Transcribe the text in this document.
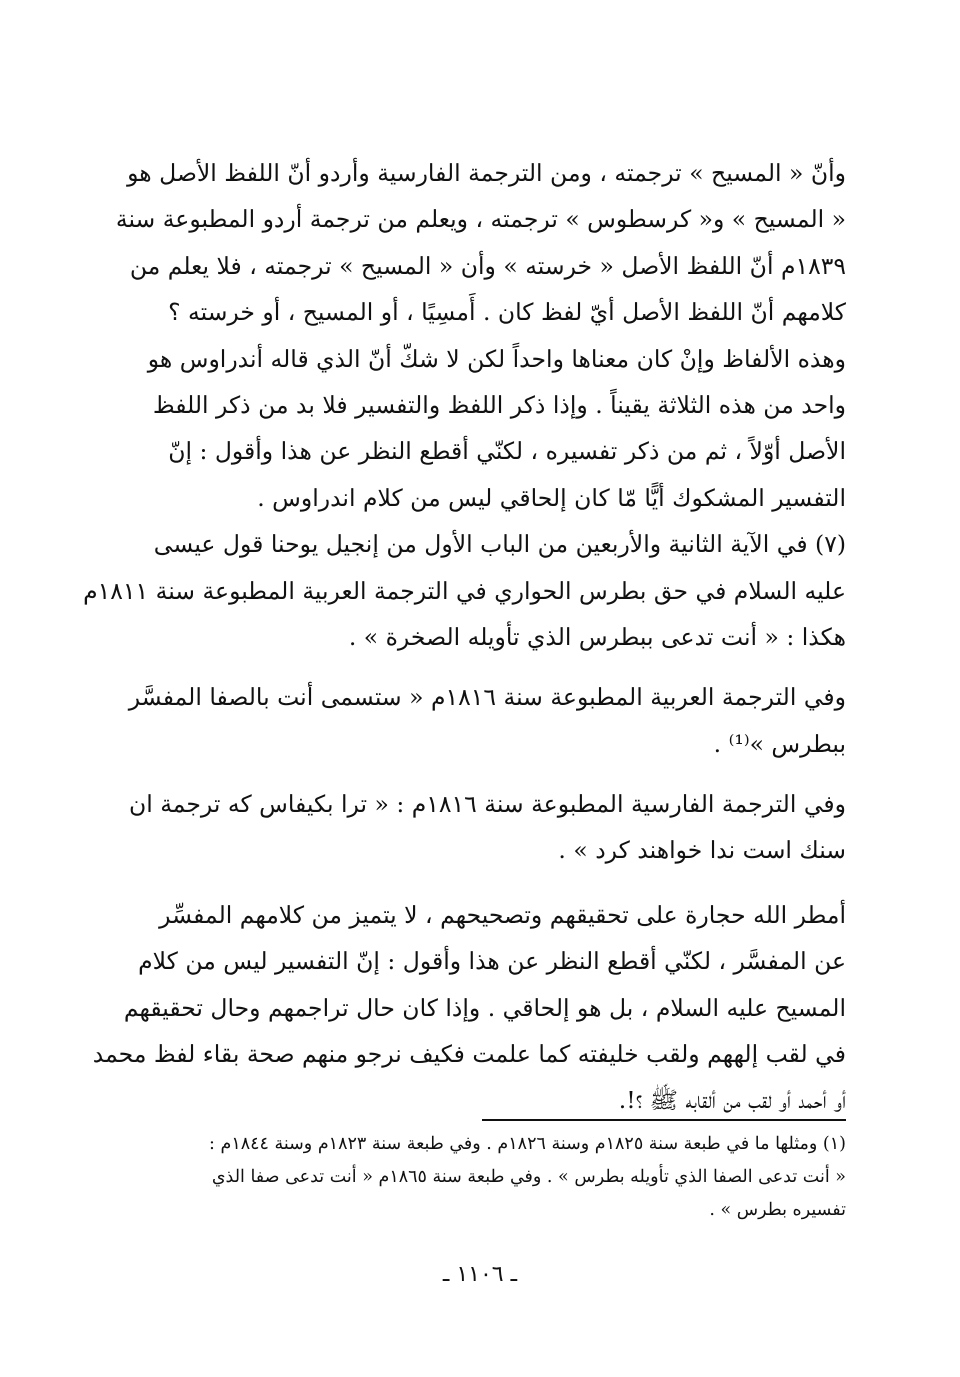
وأنّ « المسيح » ترجمته ، ومن الترجمة الفارسية وأردو أنّ اللفظ الأصل هو
« المسيح » و« كرسطوس » ترجمته ، ويعلم من ترجمة أردو المطبوعة سنة
١٨٣٩م أنّ اللفظ الأصل « خرسته » وأن « المسيح » ترجمته ، فلا يعلم من
كلامهم أنّ اللفظ الأصل أيّ لفظ كان . أَمسِيًا ، أو المسيح ، أو خرسته ؟
وهذه الألفاظ وإنْ كان معناها واحداً لكن لا شكّ أنّ الذي قاله أندراوس هو
واحد من هذه الثلاثة يقيناً . وإذا ذكر اللفظ والتفسير فلا بد من ذكر اللفظ
الأصل أوّلاً ، ثم من ذكر تفسيره ، لكنّي أقطع النظر عن هذا وأقول : إنّ
التفسير المشكوك أيًّا مّا كان إلحاقي ليس من كلام اندراوس .
(٧) في الآية الثانية والأربعين من الباب الأول من إنجيل يوحنا قول عيسى
عليه السلام في حق بطرس الحواري في الترجمة العربية المطبوعة سنة ١٨١١م
هكذا : « أنت تدعى ببطرس الذي تأويله الصخرة » .
وفي الترجمة العربية المطبوعة سنة ١٨١٦م « ستسمى أنت بالصفا المفسَّر
ببطرس »⁽¹⁾ .
وفي الترجمة الفارسية المطبوعة سنة ١٨١٦م : « ترا بكيفاس كه ترجمة ان
سنك است ندا خواهند كرد » .
أمطر الله حجارة على تحقيقهم وتصحيحهم ، لا يتميز من كلامهم المفسِّر
عن المفسَّر ، لكنّي أقطع النظر عن هذا وأقول : إنّ التفسير ليس من كلام
المسيح عليه السلام ، بل هو إلحاقي . وإذا كان حال تراجمهم وحال تحقيقهم
في لقب إلههم ولقب خليفته كما علمت فكيف نرجو منهم صحة بقاء لفظ محمد
أو أحمد أو لقب من ألقابه ﷺ ؟!.
(١) ومثلها ما في طبعة سنة ١٨٢٥م وسنة ١٨٢٦م . وفي طبعة سنة ١٨٢٣م وسنة ١٨٤٤م :
« أنت تدعى الصفا الذي تأويله بطرس » . وفي طبعة سنة ١٨٦٥م « أنت تدعى صفا الذي
تفسيره بطرس » .
ـ ١١٠٦ ـ
